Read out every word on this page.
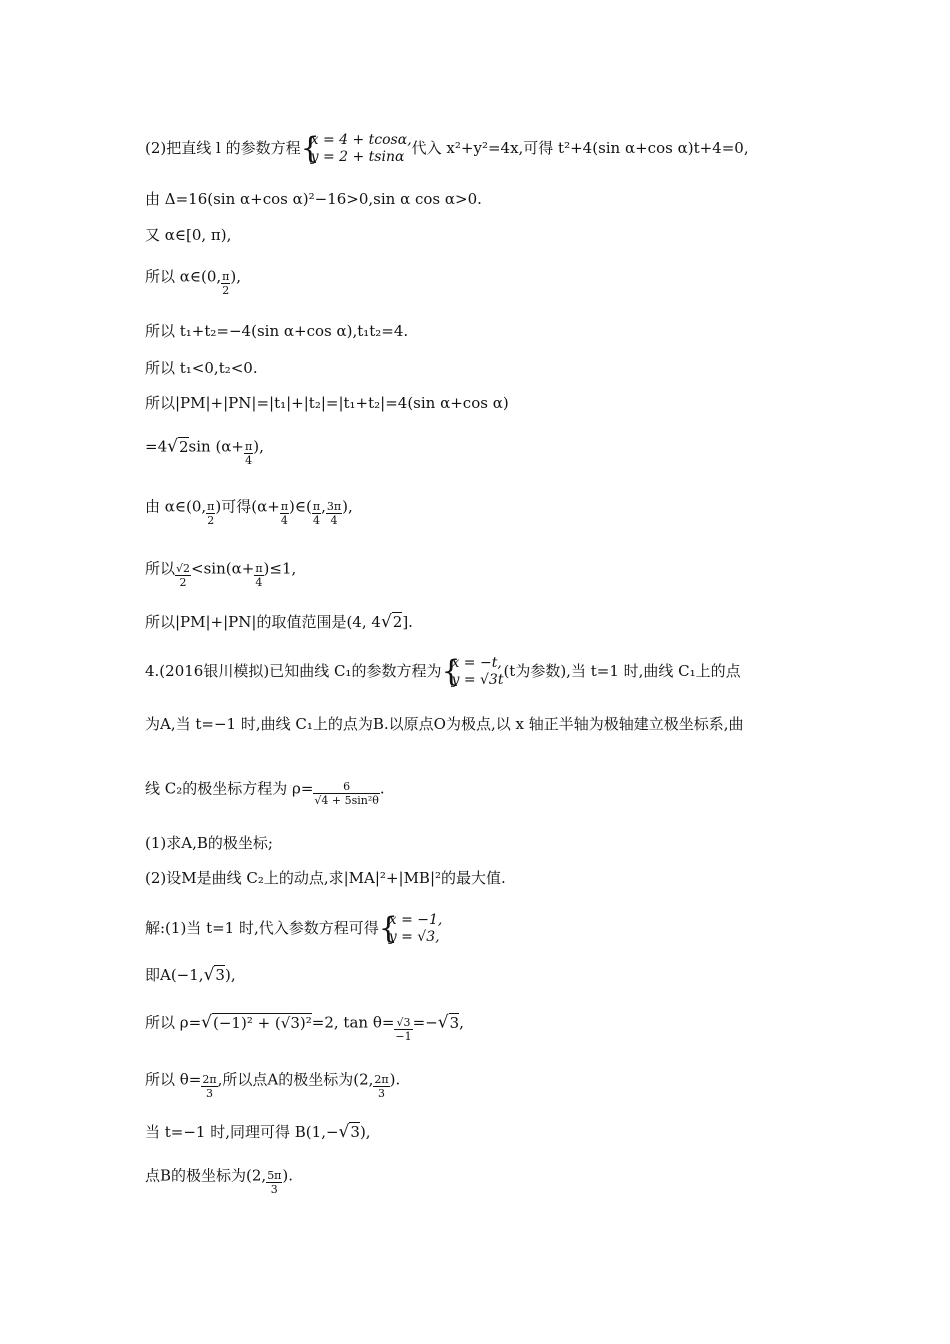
(2)把直线 l 的参数方程 {
x = 4 + tcosα,
y = 2 + tsinα 代入 x²+y²=4x,可得 t²+4(sin α+cos α)t+4=0,
由 Δ=16(sin α+cos α)²−16>0,sin α cos α>0.
又 α∈[0, π),
所以 α∈(0, $\frac{\pi}{2}$ ),
所以 t₁+t₂=−4(sin α+cos α),t₁t₂=4.
所以 t₁<0,t₂<0.
所以|PM|+|PN|=|t₁|+|t₂|=|t₁+t₂|=4(sin α+cos α)
=4√2sin ($\alpha+ \frac{\pi}{4}$ ),
由 α∈(0, $\frac{\pi}{2}$ )可得($\alpha+ \frac{\pi}{4}$ )∈( $\frac{\pi}{4}$ , $\frac{3\pi}{4}$ ),
所以 $\frac{√2}{2} <\sin(\alpha+ \frac{\pi}{4} )\le 1$,
所以|PM|+|PN|的取值范围是(4, 4√2].
4.(2016银川模拟)已知曲线 C₁的参数方程为 {
x = −t,
y = √3t (t为参数),当 t=1 时,曲线 C₁上的点
为A,当 t=−1 时,曲线 C₁上的点为B.以原点O为极点,以 x 轴正半轴为极轴建立极坐标系,曲
线 C₂的极坐标方程为 $\rho= \frac{6}{\text{√4 + 5sin²θ}}$ .
(1)求A,B的极坐标;
(2)设M是曲线 C₂上的动点,求|MA|²+|MB|²的最大值.
解:(1)当 t=1 时,代入参数方程可得 {
x = −1,
y = √3,
即A(−1,√3),
所以 ρ=√(−1)² + (√3)²=2, $\tan \theta= \frac{√3}{-1} =-√3$,
所以 $\theta= \frac{2\pi}{3}$ ,所以点A的极坐标为(2, $\frac{2\pi}{3}$ ).
当 t=−1 时,同理可得 B(1,−√3),
点B的极坐标为(2, $\frac{5\pi}{3}$ ).
